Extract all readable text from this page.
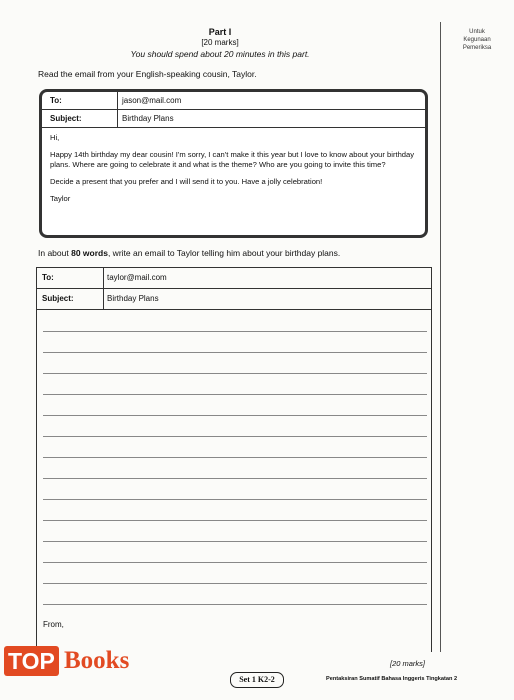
Untuk
Kegunaan
Pemeriksa
Part I
[20 marks]
You should spend about 20 minutes in this part.
Read the email from your English-speaking cousin, Taylor.
To:	jason@mail.com
Subject:	Birthday Plans

Hi,

Happy 14th birthday my dear cousin! I'm sorry, I can't make it this year but I love to know about your birthday plans. Where are going to celebrate it and what is the theme? Who are you going to invite this time?

Decide a present that you prefer and I will send it to you. Have a jolly celebration!

Taylor

In about 80 words, write an email to Taylor telling him about your birthday plans.
To:	taylor@mail.com
Subject:	Birthday Plans
From,
[20 marks]
Set 1 K2-2	Pentaksiran Sumatif Bahasa Inggeris Tingkatan 2
TOP Books
